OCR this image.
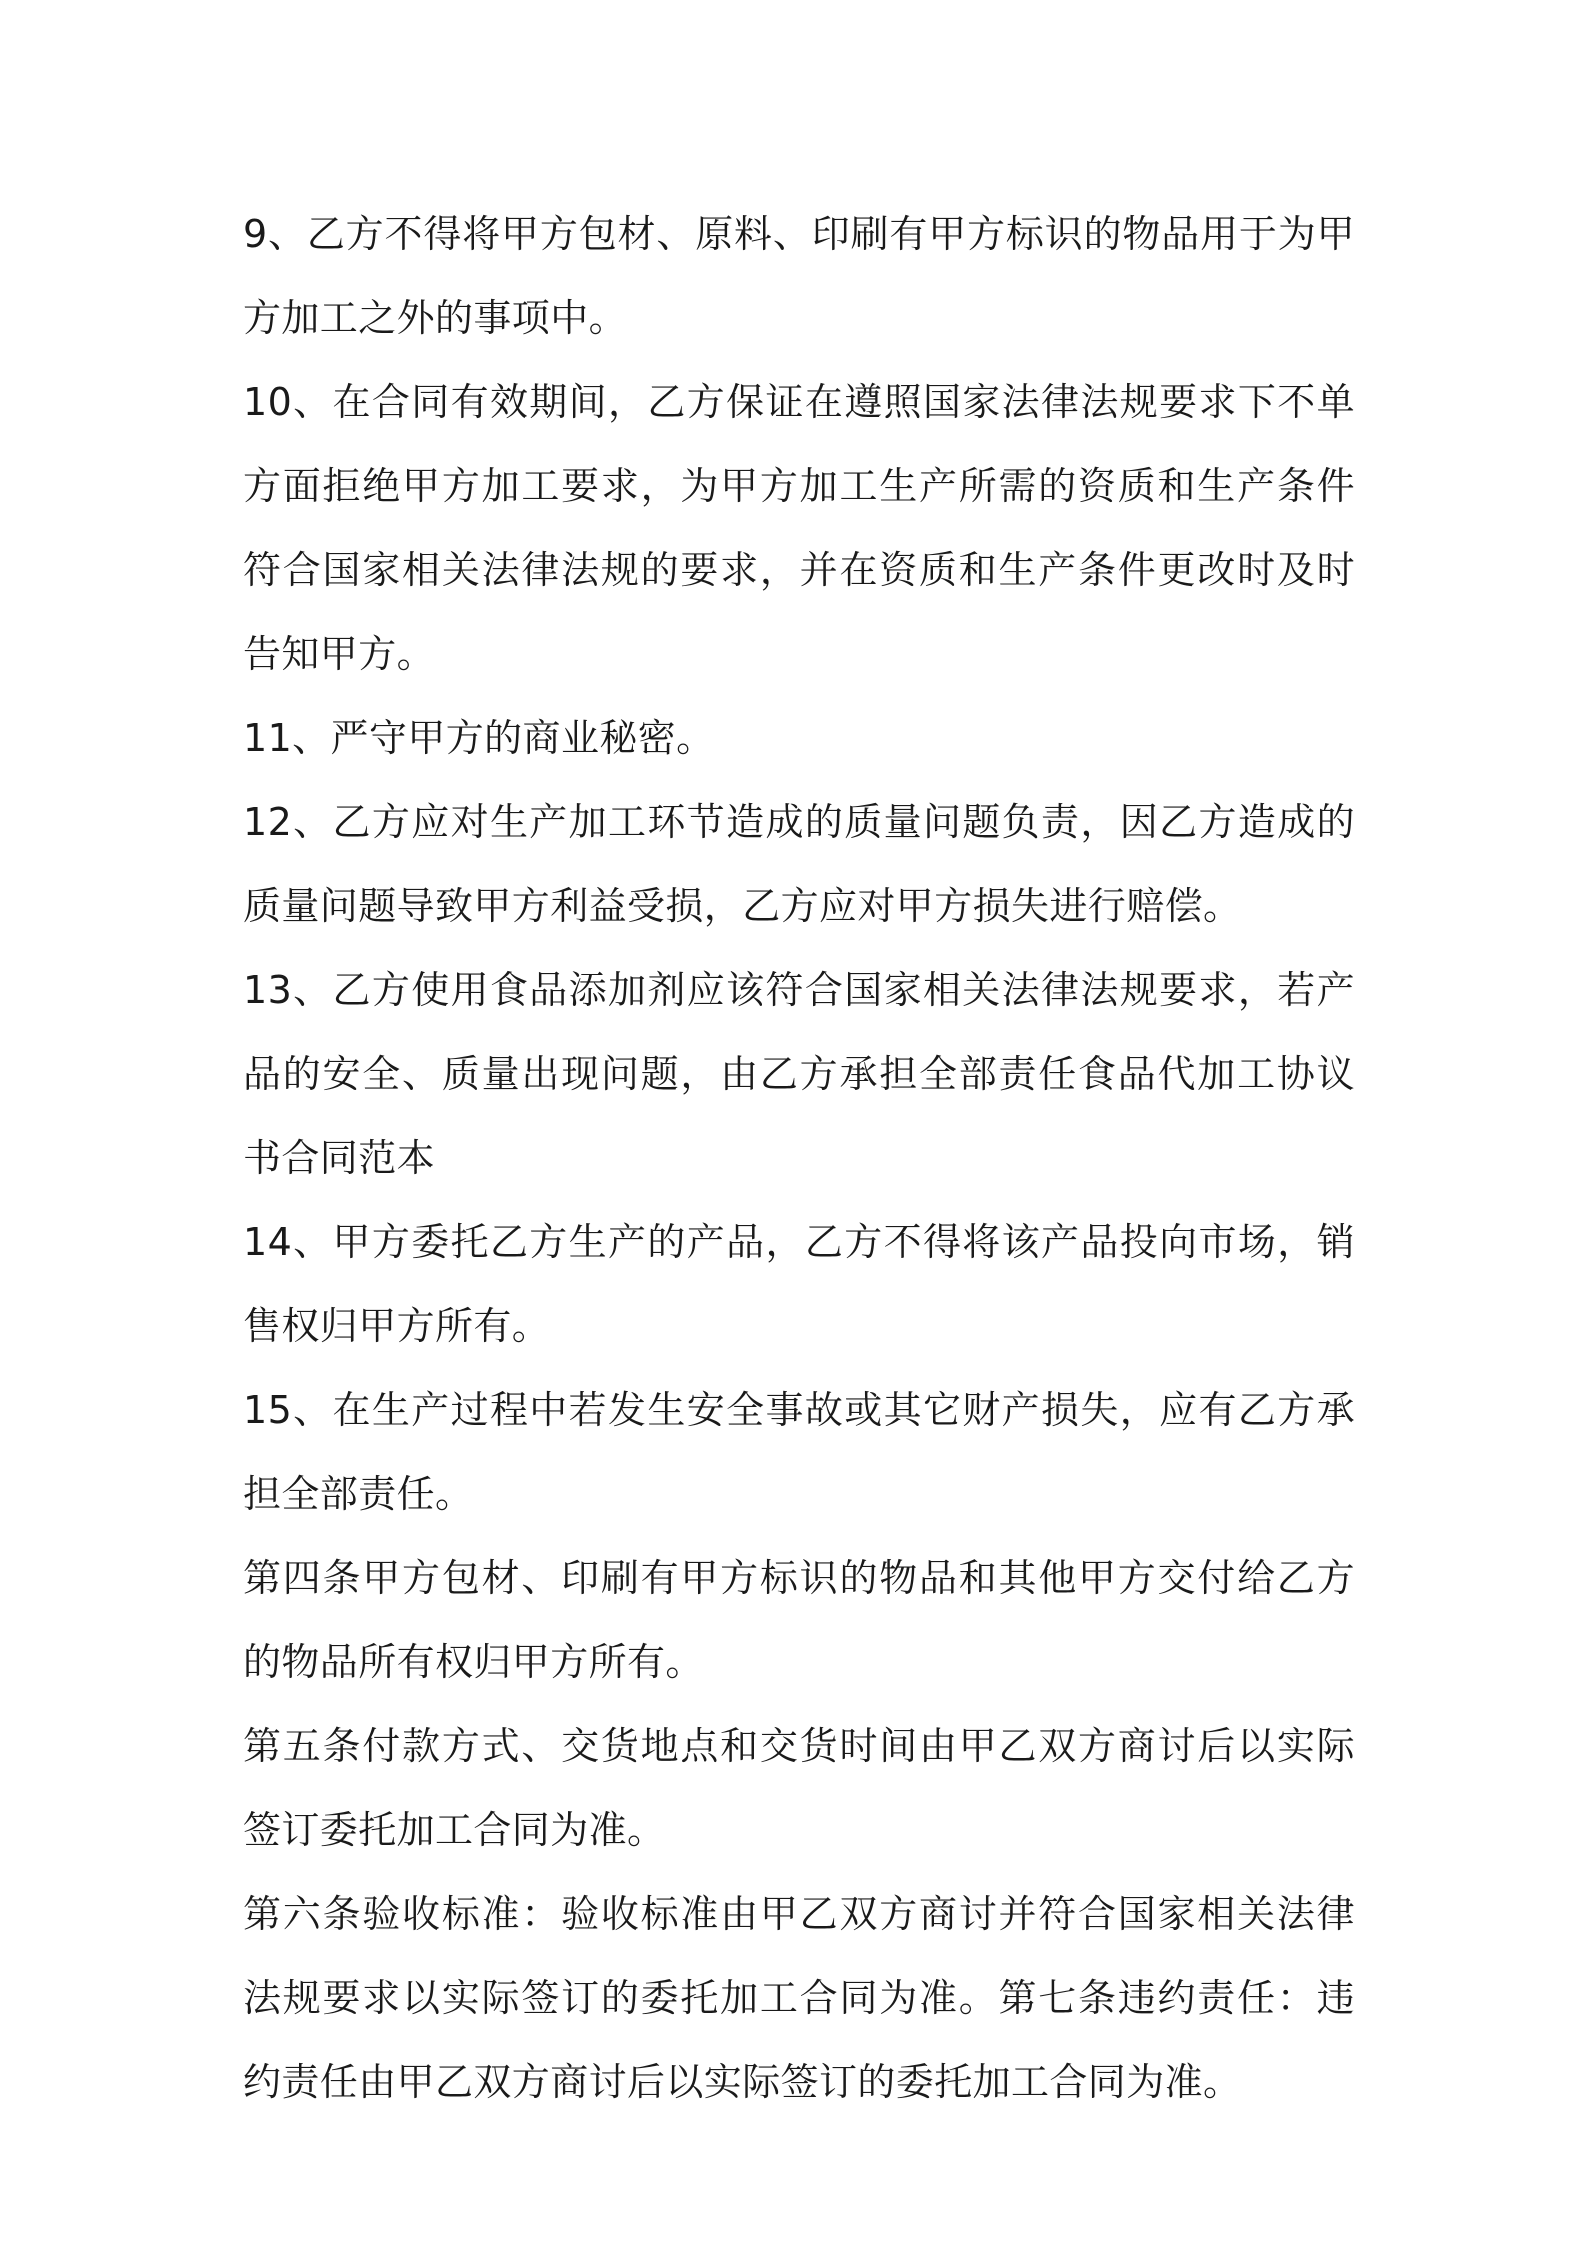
9、乙方不得将甲方包材、原料、印刷有甲方标识的物品用于为甲方加工之外的事项中。

10、在合同有效期间，乙方保证在遵照国家法律法规要求下不单方面拒绝甲方加工要求，为甲方加工生产所需的资质和生产条件符合国家相关法律法规的要求，并在资质和生产条件更改时及时告知甲方。

11、严守甲方的商业秘密。

12、乙方应对生产加工环节造成的质量问题负责，因乙方造成的质量问题导致甲方利益受损，乙方应对甲方损失进行赔偿。

13、乙方使用食品添加剂应该符合国家相关法律法规要求，若产品的安全、质量出现问题，由乙方承担全部责任食品代加工协议书合同范本

14、甲方委托乙方生产的产品，乙方不得将该产品投向市场，销售权归甲方所有。

15、在生产过程中若发生安全事故或其它财产损失，应有乙方承担全部责任。

第四条甲方包材、印刷有甲方标识的物品和其他甲方交付给乙方的物品所有权归甲方所有。

第五条付款方式、交货地点和交货时间由甲乙双方商讨后以实际签订委托加工合同为准。

第六条验收标准：验收标准由甲乙双方商讨并符合国家相关法律法规要求以实际签订的委托加工合同为准。第七条违约责任：违约责任由甲乙双方商讨后以实际签订的委托加工合同为准。
